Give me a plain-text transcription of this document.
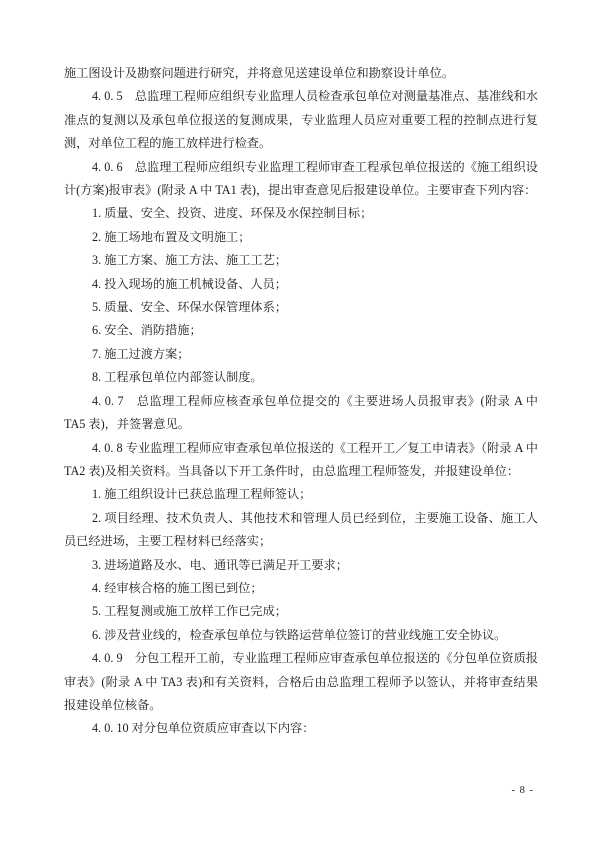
施工图设计及勘察问题进行研究，并将意见送建设单位和勘察设计单位。

4. 0. 5　总监理工程师应组织专业监理人员检查承包单位对测量基准点、基准线和水准点的复测以及承包单位报送的复测成果，专业监理人员应对重要工程的控制点进行复测，对单位工程的施工放样进行检查。

4. 0. 6　总监理工程师应组织专业监理工程师审查工程承包单位报送的《施工组织设计(方案)报审表》(附录 A 中 TA1 表)，提出审查意见后报建设单位。主要审查下列内容：

1. 质量、安全、投资、进度、环保及水保控制目标；

2. 施工场地布置及文明施工；

3. 施工方案、施工方法、施工工艺；

4. 投入现场的施工机械设备、人员；

5. 质量、安全、环保水保管理体系；

6. 安全、消防措施；

7. 施工过渡方案；

8. 工程承包单位内部签认制度。

4. 0. 7　总监理工程师应核查承包单位提交的《主要进场人员报审表》(附录 A 中 TA5 表)，并签署意见。

4. 0. 8 专业监理工程师应审查承包单位报送的《工程开工／复工申请表》（附录 A 中 TA2 表)及相关资料。当具备以下开工条件时，由总监理工程师签发，并报建设单位：

1. 施工组织设计已获总监理工程师签认；

2. 项目经理、技术负责人、其他技术和管理人员已经到位，主要施工设备、施工人员已经进场，主要工程材料已经落实；

3. 进场道路及水、电、通讯等已满足开工要求；

4. 经审核合格的施工图已到位；

5. 工程复测或施工放样工作已完成；

6. 涉及营业线的，检查承包单位与铁路运营单位签订的营业线施工安全协议。

4. 0. 9　分包工程开工前，专业监理工程师应审查承包单位报送的《分包单位资质报审表》(附录 A 中 TA3 表)和有关资料，合格后由总监理工程师予以签认，并将审查结果报建设单位核备。

4. 0. 10 对分包单位资质应审查以下内容：

- 8 -
